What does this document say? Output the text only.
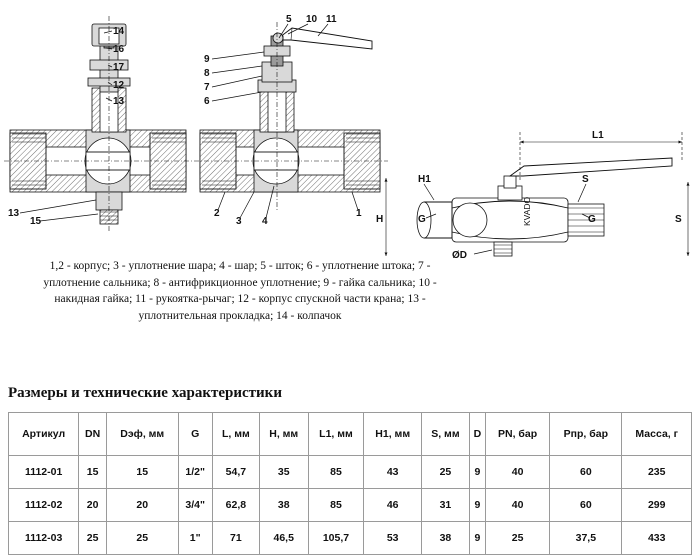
14
16
17
12
13
13
15
9
8
7
6
2
3 4
1
5 10 11
L1
H	S
KVADO
H1	S
G	G
ØD
1,2 - корпус; 3 - уплотнение шара; 4 - шар; 5 - шток; 6 - уплотнение штока; 7 - уплотнение сальника; 8 - антифрикционное уплотнение; 9 - гайка сальника; 10 - накидная гайка; 11 - рукоятка-рычаг; 12 - корпус спускной части крана; 13 - уплотнительная прокладка; 14 - колпачок
Размеры и технические характеристики
Артикул	DN	Dэф, мм	G	L, мм	H, мм	L1, мм	H1, мм	S, мм	D	PN, бар	Рпр, бар	Масса, г
1112-01	15	15	1/2"	54,7	35	85	43	25	9	40	60	235
1112-02	20	20	3/4"	62,8	38	85	46	31	9	40	60	299
1112-03	25	25	1"	71	46,5	105,7	53	38	9	25	37,5	433
